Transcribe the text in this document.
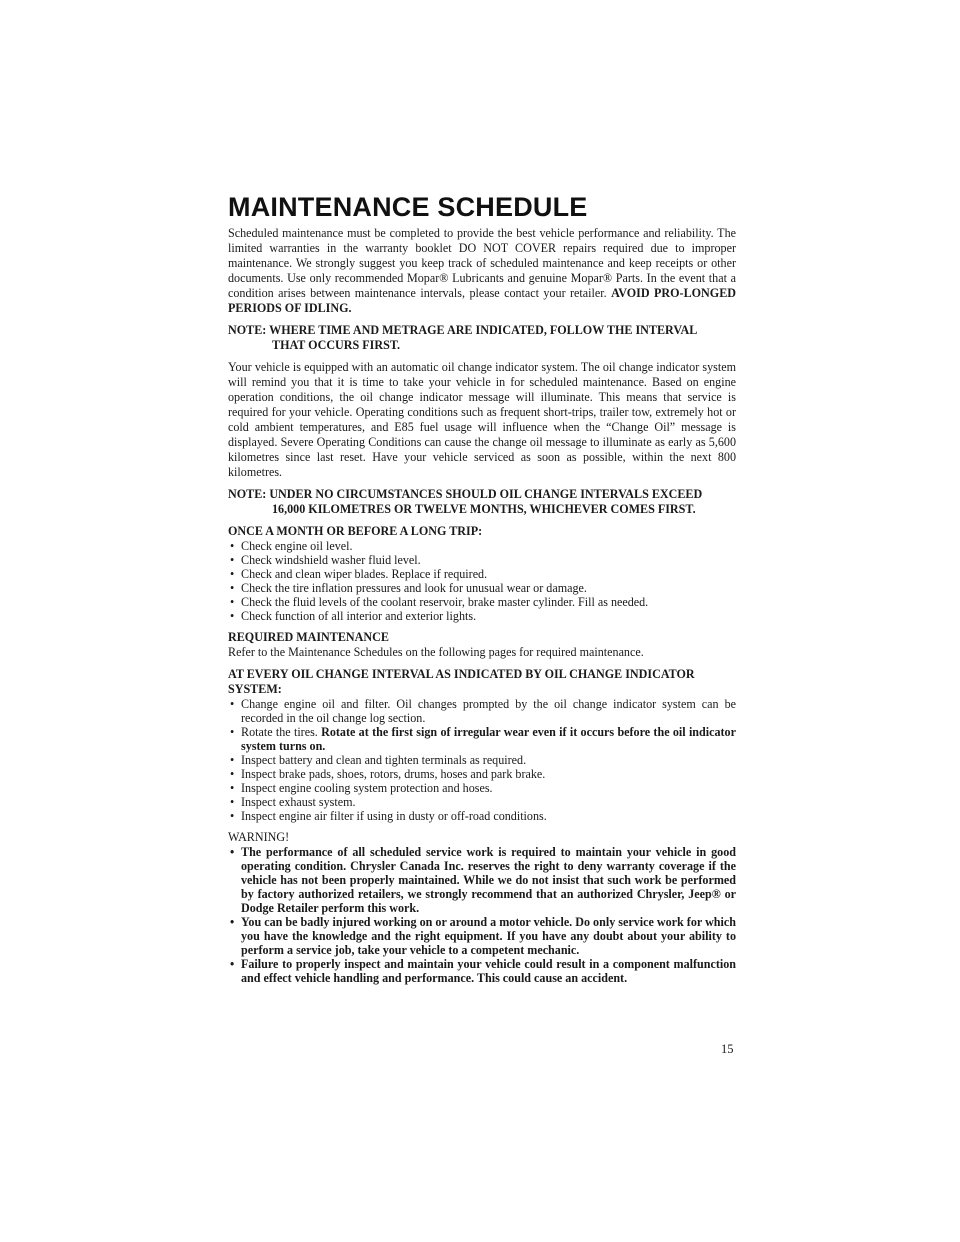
MAINTENANCE SCHEDULE

Scheduled maintenance must be completed to provide the best vehicle performance and reliability. The limited warranties in the warranty booklet DO NOT COVER repairs required due to improper maintenance. We strongly suggest you keep track of scheduled maintenance and keep receipts or other documents. Use only recommended Mopar® Lubricants and genuine Mopar® Parts. In the event that a condition arises between maintenance intervals, please contact your retailer. AVOID PRO-LONGED PERIODS OF IDLING.

NOTE: WHERE TIME AND METRAGE ARE INDICATED, FOLLOW THE INTERVAL
THAT OCCURS FIRST.

Your vehicle is equipped with an automatic oil change indicator system. The oil change indicator system will remind you that it is time to take your vehicle in for scheduled maintenance. Based on engine operation conditions, the oil change indicator message will illuminate. This means that service is required for your vehicle. Operating conditions such as frequent short-trips, trailer tow, extremely hot or cold ambient temperatures, and E85 fuel usage will influence when the “Change Oil” message is displayed. Severe Operating Conditions can cause the change oil message to illuminate as early as 5,600 kilometres since last reset. Have your vehicle serviced as soon as possible, within the next 800 kilometres.

NOTE: UNDER NO CIRCUMSTANCES SHOULD OIL CHANGE INTERVALS EXCEED
16,000 KILOMETRES OR TWELVE MONTHS, WHICHEVER COMES FIRST.

ONCE A MONTH OR BEFORE A LONG TRIP:

• Check engine oil level.
• Check windshield washer fluid level.
• Check and clean wiper blades. Replace if required.
• Check the tire inflation pressures and look for unusual wear or damage.
• Check the fluid levels of the coolant reservoir, brake master cylinder. Fill as needed.
• Check function of all interior and exterior lights.

REQUIRED MAINTENANCE

Refer to the Maintenance Schedules on the following pages for required maintenance.

AT EVERY OIL CHANGE INTERVAL AS INDICATED BY OIL CHANGE INDICATOR SYSTEM:

• Change engine oil and filter. Oil changes prompted by the oil change indicator system can be recorded in the oil change log section.
• Rotate the tires. Rotate at the first sign of irregular wear even if it occurs before the oil indicator system turns on.
• Inspect battery and clean and tighten terminals as required.
• Inspect brake pads, shoes, rotors, drums, hoses and park brake.
• Inspect engine cooling system protection and hoses.
• Inspect exhaust system.
• Inspect engine air filter if using in dusty or off-road conditions.

WARNING!

• The performance of all scheduled service work is required to maintain your vehicle in good operating condition. Chrysler Canada Inc. reserves the right to deny warranty coverage if the vehicle has not been properly maintained. While we do not insist that such work be performed by factory authorized retailers, we strongly recommend that an authorized Chrysler, Jeep® or Dodge Retailer perform this work.
• You can be badly injured working on or around a motor vehicle. Do only service work for which you have the knowledge and the right equipment. If you have any doubt about your ability to perform a service job, take your vehicle to a competent mechanic.
• Failure to properly inspect and maintain your vehicle could result in a component malfunction and effect vehicle handling and performance. This could cause an accident.
15
